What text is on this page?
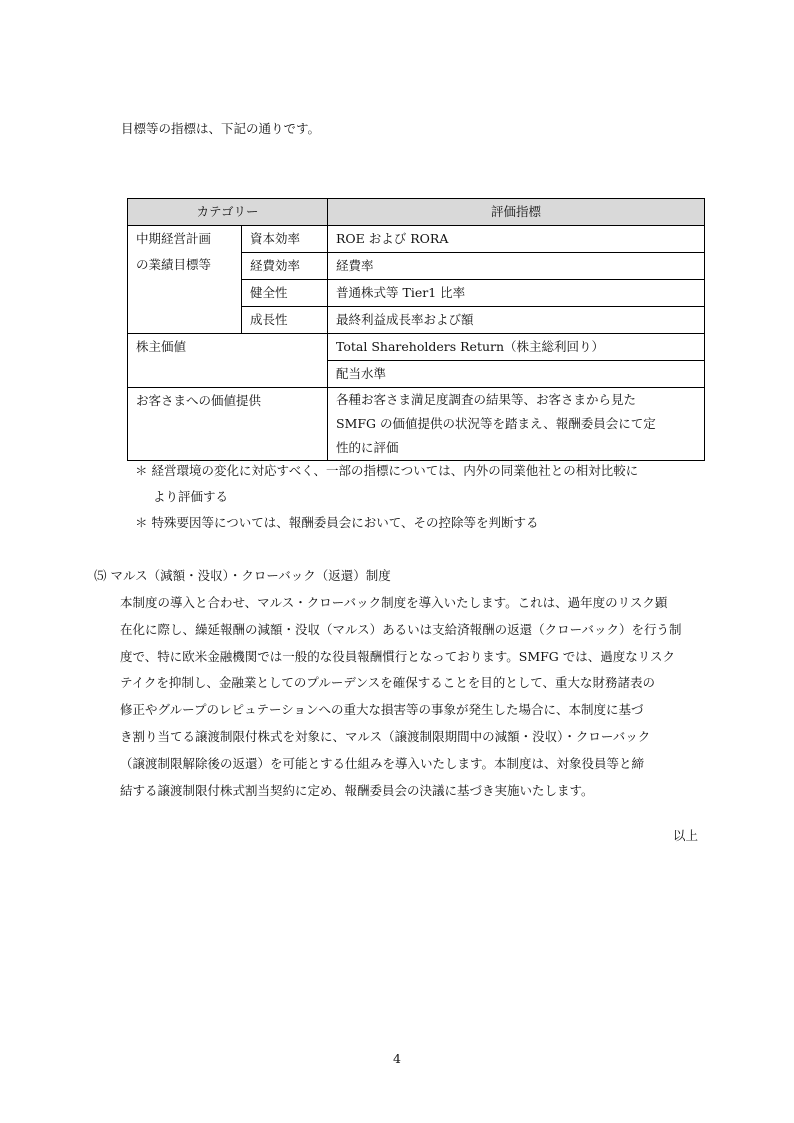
目標等の指標は、下記の通りです。
カテゴリー		評価指標

中期経営計画
の業績目標等	資本効率	ROE および RORA
	経費効率	経費率
	健全性	普通株式等 Tier1 比率
	成長性	最終利益成長率および額
株主価値		Total Shareholders Return（株主総利回り）
		配当水準
お客さまへの価値提供		各種お客さま満足度調査の結果等、お客さまから見た
SMFG の価値提供の状況等を踏まえ、報酬委員会にて定
性的に評価
＊ 経営環境の変化に対応すべく、一部の指標については、内外の同業他社との相対比較に
より評価する
＊ 特殊要因等については、報酬委員会において、その控除等を判断する
⑸ マルス（減額・没収）・クローバック（返還）制度
本制度の導入と合わせ、マルス・クローバック制度を導入いたします。これは、過年度のリスク顕
在化に際し、繰延報酬の減額・没収（マルス）あるいは支給済報酬の返還（クローバック）を行う制
度で、特に欧米金融機関では一般的な役員報酬慣行となっております。SMFG では、過度なリスク
テイクを抑制し、金融業としてのプルーデンスを確保することを目的として、重大な財務諸表の
修正やグループのレピュテーションへの重大な損害等の事象が発生した場合に、本制度に基づ
き割り当てる譲渡制限付株式を対象に、マルス（譲渡制限期間中の減額・没収）・クローバック
（譲渡制限解除後の返還）を可能とする仕組みを導入いたします。本制度は、対象役員等と締
結する譲渡制限付株式割当契約に定め、報酬委員会の決議に基づき実施いたします。
以上
4
